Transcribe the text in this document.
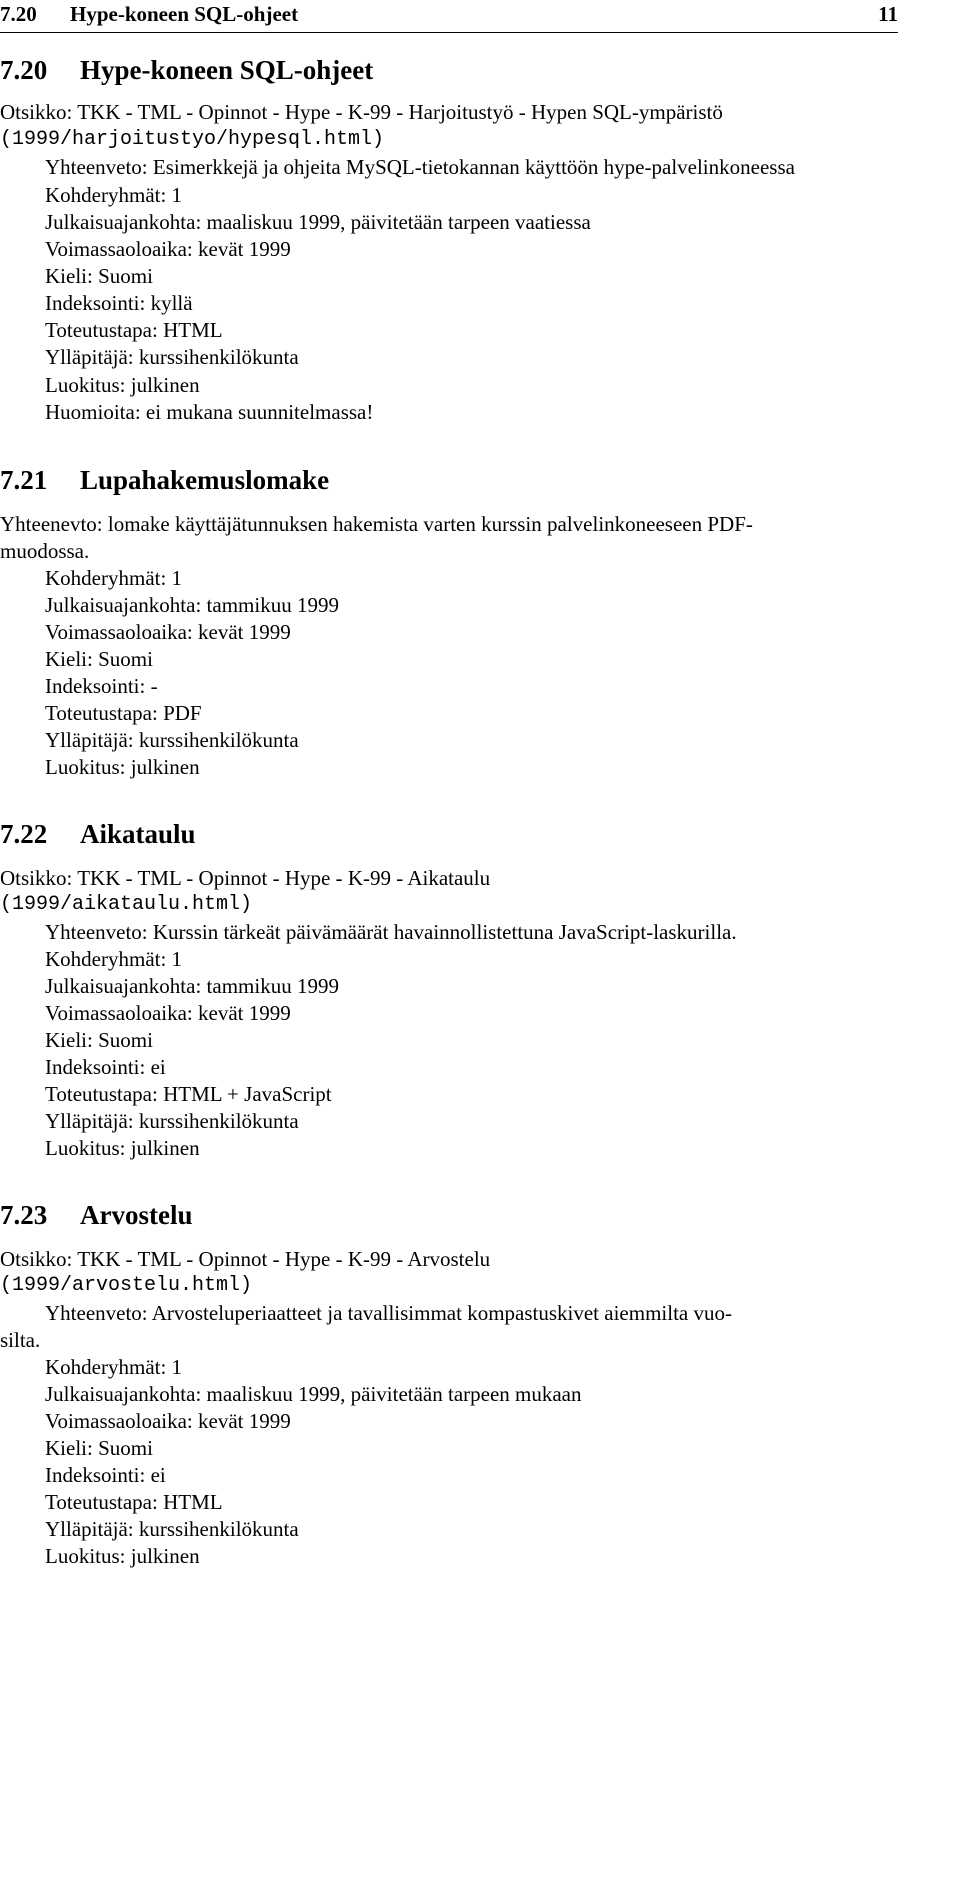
7.20 Hype-koneen SQL-ohjeet	11
7.20 Hype-koneen SQL-ohjeet
Otsikko: TKK - TML - Opinnot - Hype - K-99 - Harjoitustyö - Hypen SQL-ympäristö
(1999/harjoitustyo/hypesql.html)
Yhteenveto: Esimerkkejä ja ohjeita MySQL-tietokannan käyttöön hype-palvelinkoneessa
Kohderyhmät: 1
Julkaisuajankohta: maaliskuu 1999, päivitetään tarpeen vaatiessa
Voimassaoloaika: kevät 1999
Kieli: Suomi
Indeksointi: kyllä
Toteutustapa: HTML
Ylläpitäjä: kurssihenkilökunta
Luokitus: julkinen
Huomioita: ei mukana suunnitelmassa!
7.21 Lupahakemuslomake
Yhteenevto: lomake käyttäjätunnuksen hakemista varten kurssin palvelinkoneeseen PDF-
muodossa.
Kohderyhmät: 1
Julkaisuajankohta: tammikuu 1999
Voimassaoloaika: kevät 1999
Kieli: Suomi
Indeksointi: -
Toteutustapa: PDF
Ylläpitäjä: kurssihenkilökunta
Luokitus: julkinen
7.22 Aikataulu
Otsikko: TKK - TML - Opinnot - Hype - K-99 - Aikataulu
(1999/aikataulu.html)
Yhteenveto: Kurssin tärkeät päivämäärät havainnollistettuna JavaScript-laskurilla.
Kohderyhmät: 1
Julkaisuajankohta: tammikuu 1999
Voimassaoloaika: kevät 1999
Kieli: Suomi
Indeksointi: ei
Toteutustapa: HTML + JavaScript
Ylläpitäjä: kurssihenkilökunta
Luokitus: julkinen
7.23 Arvostelu
Otsikko: TKK - TML - Opinnot - Hype - K-99 - Arvostelu
(1999/arvostelu.html)
Yhteenveto: Arvosteluperiaatteet ja tavallisimmat kompastuskivet aiemmilta vuo-
silta.
Kohderyhmät: 1
Julkaisuajankohta: maaliskuu 1999, päivitetään tarpeen mukaan
Voimassaoloaika: kevät 1999
Kieli: Suomi
Indeksointi: ei
Toteutustapa: HTML
Ylläpitäjä: kurssihenkilökunta
Luokitus: julkinen
